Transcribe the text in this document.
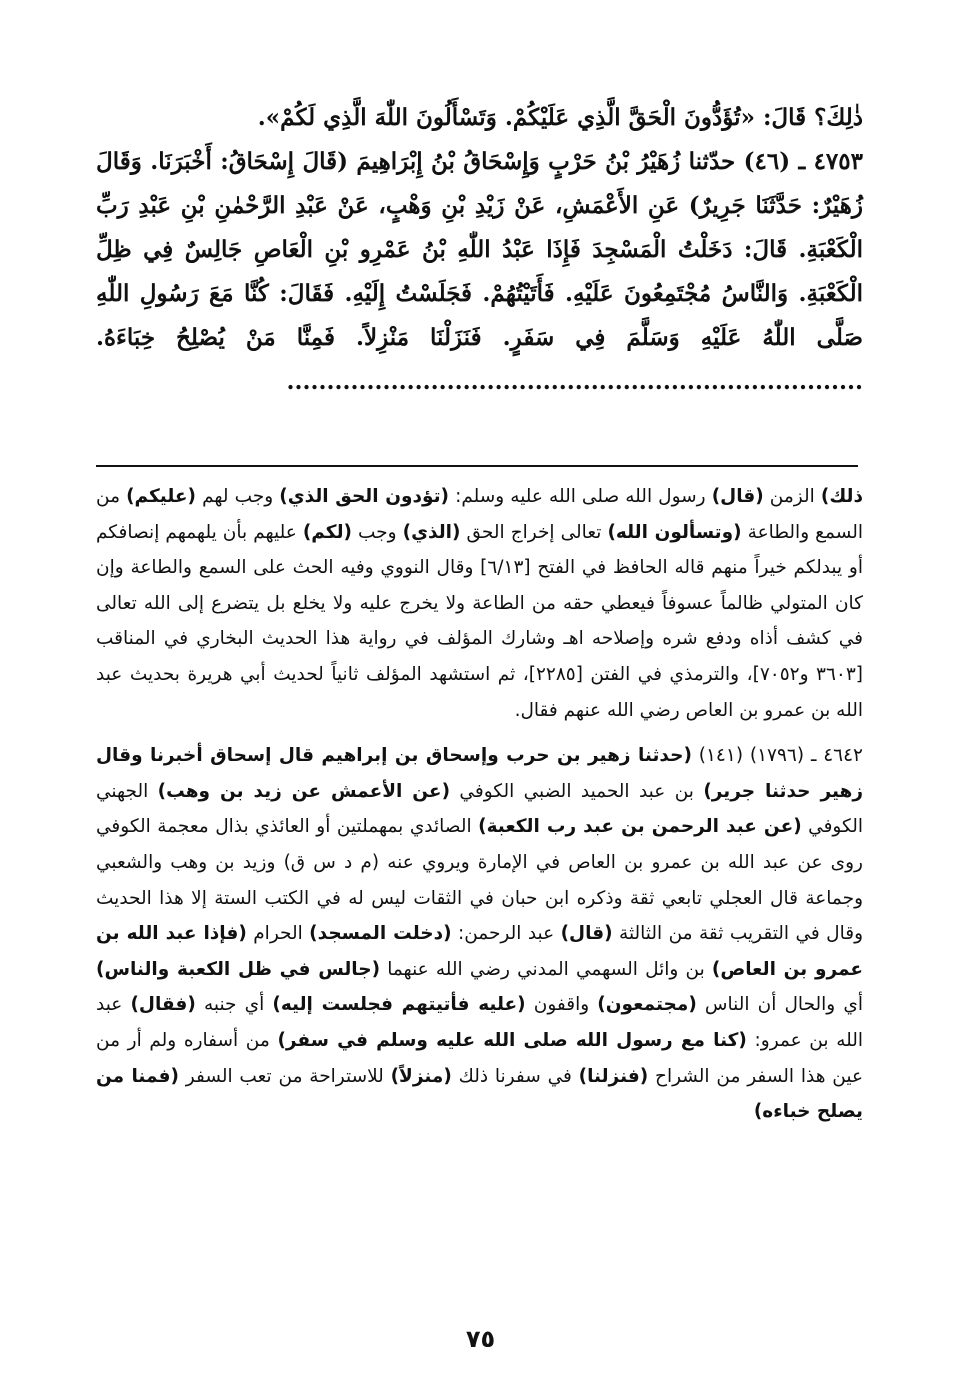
ذٰلِكَ؟ قَالَ: «تُؤَدُّونَ الْحَقَّ الَّذِي عَلَيْكُمْ. وَتَسْأَلُونَ اللّٰهَ الَّذِي لَكُمْ».

٤٧٥٣ ـ (٤٦) حدّثنا زُهَيْرُ بْنُ حَرْبٍ وَإِسْحَاقُ بْنُ إِبْرَاهِيمَ (قَالَ إِسْحَاقُ: أَخْبَرَنَا. وَقَالَ زُهَيْرٌ: حَدَّثَنَا جَرِيرٌ) عَنِ الأَعْمَشِ، عَنْ زَيْدِ بْنِ وَهْبٍ، عَنْ عَبْدِ الرَّحْمٰنِ بْنِ عَبْدِ رَبِّ الْكَعْبَةِ. قَالَ: دَخَلْتُ الْمَسْجِدَ فَإِذَا عَبْدُ اللّٰهِ بْنُ عَمْرِو بْنِ الْعَاصِ جَالِسٌ فِي ظِلِّ الْكَعْبَةِ. وَالنَّاسُ مُجْتَمِعُونَ عَلَيْهِ. فَأَتَيْتُهُمْ. فَجَلَسْتُ إِلَيْهِ. فَقَالَ: كُنَّا مَعَ رَسُولِ اللّٰهِ صَلَّى اللّٰهُ عَلَيْهِ وَسَلَّمَ فِي سَفَرٍ. فَنَزَلْنَا مَنْزِلاً. فَمِنَّا مَنْ يُصْلِحُ خِبَاءَهُ. ........................................................................

ذلك) الزمن (قال) رسول الله صلى الله عليه وسلم: (تؤدون الحق الذي) وجب لهم (عليكم) من السمع والطاعة (وتسألون الله) تعالى إخراج الحق (الذي) وجب (لكم) عليهم بأن يلهمهم إنصافكم أو يبدلكم خيراً منهم قاله الحافظ في الفتح [٦/١٣] وقال النووي وفيه الحث على السمع والطاعة وإن كان المتولي ظالماً عسوفاً فيعطي حقه من الطاعة ولا يخرج عليه ولا يخلع بل يتضرع إلى الله تعالى في كشف أذاه ودفع شره وإصلاحه اهـ وشارك المؤلف في رواية هذا الحديث البخاري في المناقب [٣٦٠٣ و٧٠٥٢]، والترمذي في الفتن [٢٢٨٥]، ثم استشهد المؤلف ثانياً لحديث أبي هريرة بحديث عبد الله بن عمرو بن العاص رضي الله عنهم فقال.

٤٦٤٢ ـ (١٧٩٦) (١٤١) (حدثنا زهير بن حرب وإسحاق بن إبراهيم قال إسحاق أخبرنا وقال زهير حدثنا جرير) بن عبد الحميد الضبي الكوفي (عن الأعمش عن زيد بن وهب) الجهني الكوفي (عن عبد الرحمن بن عبد رب الكعبة) الصائدي بمهملتين أو العائذي بذال معجمة الكوفي روى عن عبد الله بن عمرو بن العاص في الإمارة ويروي عنه (م د س ق) وزيد بن وهب والشعبي وجماعة قال العجلي تابعي ثقة وذكره ابن حبان في الثقات ليس له في الكتب الستة إلا هذا الحديث وقال في التقريب ثقة من الثالثة (قال) عبد الرحمن: (دخلت المسجد) الحرام (فإذا عبد الله بن عمرو بن العاص) بن وائل السهمي المدني رضي الله عنهما (جالس في ظل الكعبة والناس) أي والحال أن الناس (مجتمعون) واقفون (عليه فأتيتهم فجلست إليه) أي جنبه (فقال) عبد الله بن عمرو: (كنا مع رسول الله صلى الله عليه وسلم في سفر) من أسفاره ولم أر من عين هذا السفر من الشراح (فنزلنا) في سفرنا ذلك (منزلاً) للاستراحة من تعب السفر (فمنا من يصلح خباءه)

٧٥
